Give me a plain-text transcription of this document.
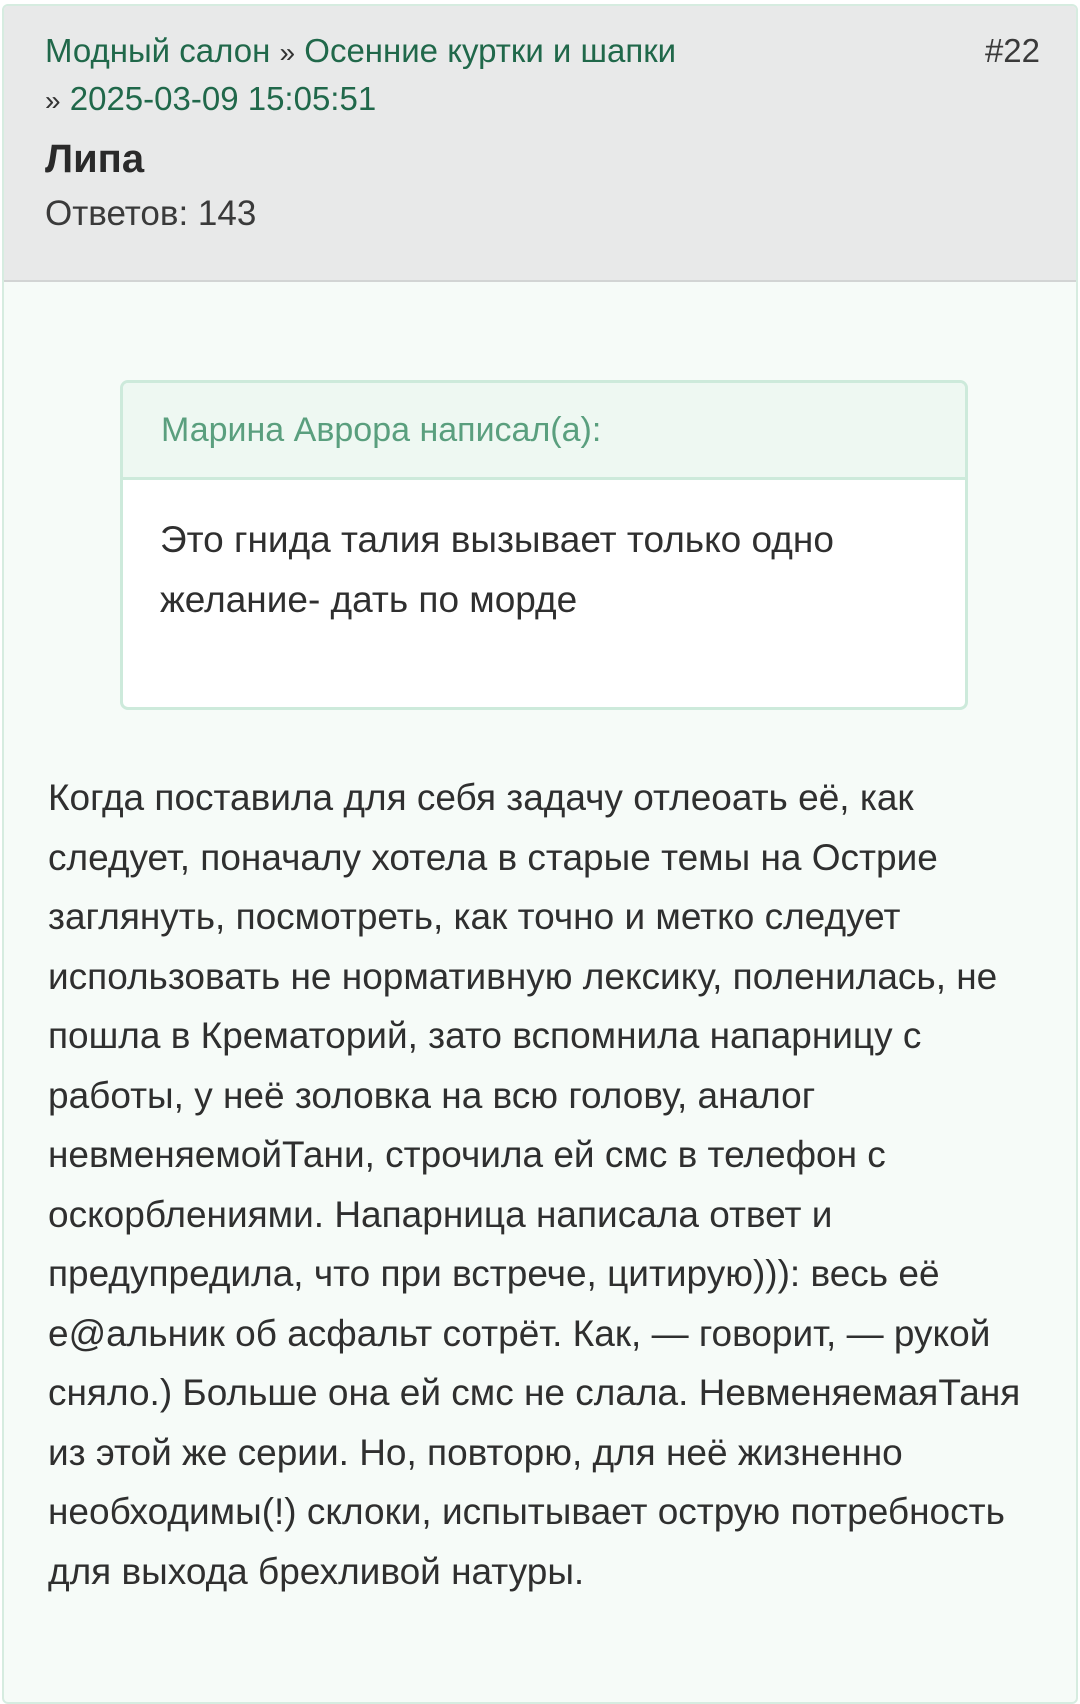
Модный салон » Осенние куртки и шапки
» 2025-03-09 15:05:51
#22
Липа
Ответов: 143
Марина Аврора написал(а):
Это гнида талия вызывает только одно желание- дать по морде
Когда поставила для себя задачу отлеоать её, как следует, поначалу хотела в старые темы на Острие заглянуть, посмотреть, как точно и метко следует использовать не нормативную лексику, поленилась, не пошла в Крематорий, зато вспомнила напарницу с работы, у неё золовка на всю голову, аналог невменяемойТани, строчила ей смс в телефон с оскорблениями. Напарница написала ответ и предупредила, что при встрече, цитирую))): весь её е@альник об асфальт сотрёт. Как, — говорит, — рукой сняло.) Больше она ей смс не слала. НевменяемаяТаня из этой же серии. Но, повторю, для неё жизненно необходимы(!) склоки, испытывает острую потребность для выхода брехливой натуры.
